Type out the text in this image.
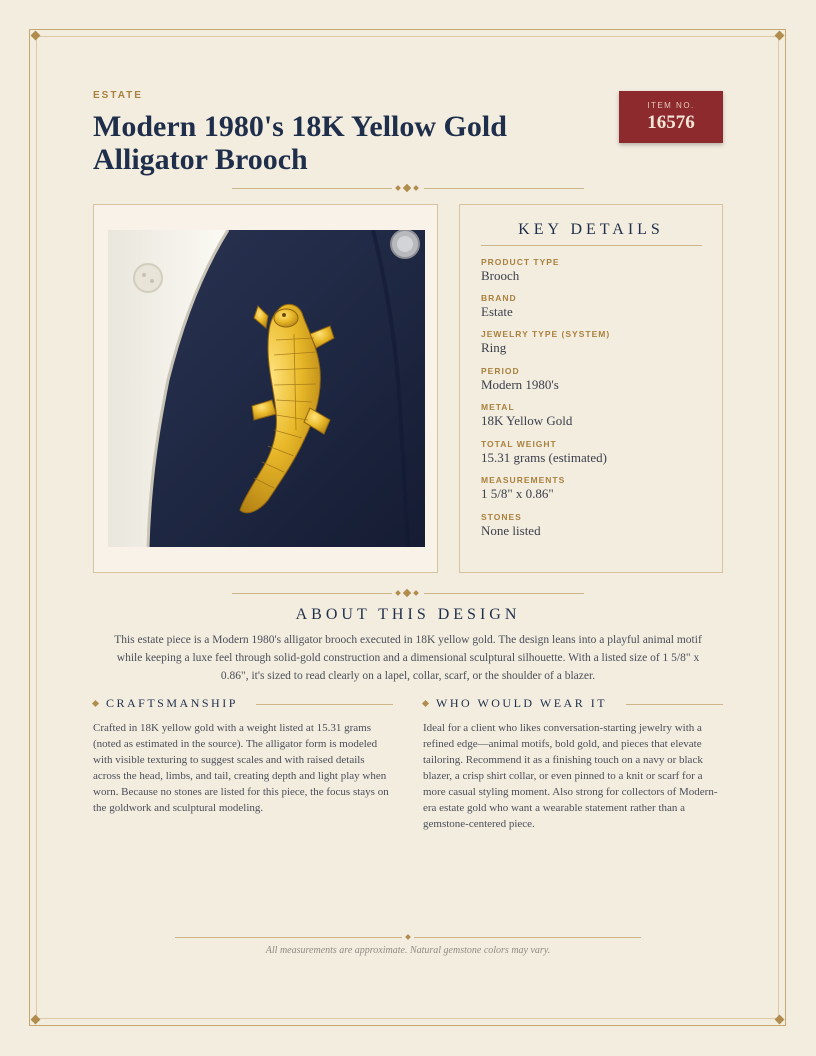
ESTATE
Modern 1980's 18K Yellow Gold Alligator Brooch
ITEM NO.
16576
KEY DETAILS
PRODUCT TYPE
Brooch
BRAND
Estate
JEWELRY TYPE (SYSTEM)
Ring
PERIOD
Modern 1980's
METAL
18K Yellow Gold
TOTAL WEIGHT
15.31 grams (estimated)
MEASUREMENTS
1 5/8" x 0.86"
STONES
None listed
ABOUT THIS DESIGN

This estate piece is a Modern 1980's alligator brooch executed in 18K yellow gold. The design leans into a playful animal motif while keeping a luxe feel through solid-gold construction and a dimensional sculptural silhouette. With a listed size of 1 5/8" x 0.86", it's sized to read clearly on a lapel, collar, scarf, or the shoulder of a blazer.

CRAFTSMANSHIP

Crafted in 18K yellow gold with a weight listed at 15.31 grams (noted as estimated in the source). The alligator form is modeled with visible texturing to suggest scales and with raised details across the head, limbs, and tail, creating depth and light play when worn. Because no stones are listed for this piece, the focus stays on the goldwork and sculptural modeling.

WHO WOULD WEAR IT

Ideal for a client who likes conversation-starting jewelry with a refined edge—animal motifs, bold gold, and pieces that elevate tailoring. Recommend it as a finishing touch on a navy or black blazer, a crisp shirt collar, or even pinned to a knit or scarf for a more casual styling moment. Also strong for collectors of Modern-era estate gold who want a wearable statement rather than a gemstone-centered piece.

All measurements are approximate. Natural gemstone colors may vary.
